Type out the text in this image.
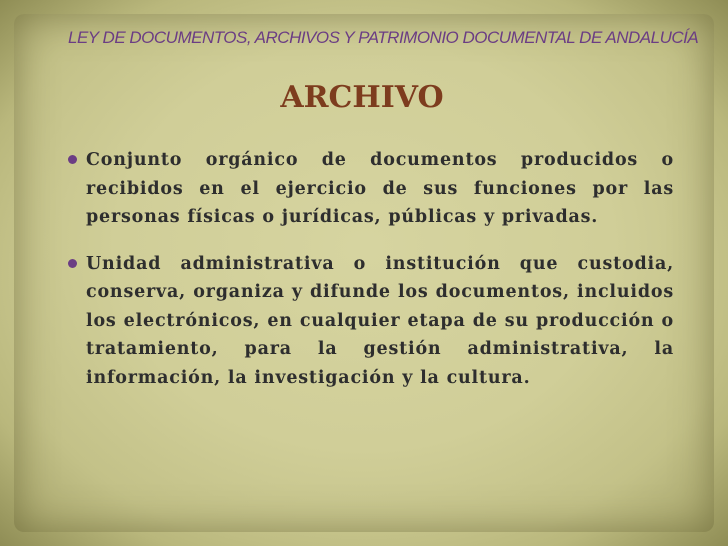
LEY DE DOCUMENTOS, ARCHIVOS Y PATRIMONIO DOCUMENTAL DE ANDALUCÍA
ARCHIVO
Conjunto orgánico de documentos producidos o recibidos en el ejercicio de sus funciones por las personas físicas o jurídicas, públicas y privadas.
Unidad administrativa o institución que custodia, conserva, organiza y difunde los documentos, incluidos los electrónicos, en cualquier etapa de su producción o tratamiento, para la gestión administrativa, la información, la investigación y la cultura.
